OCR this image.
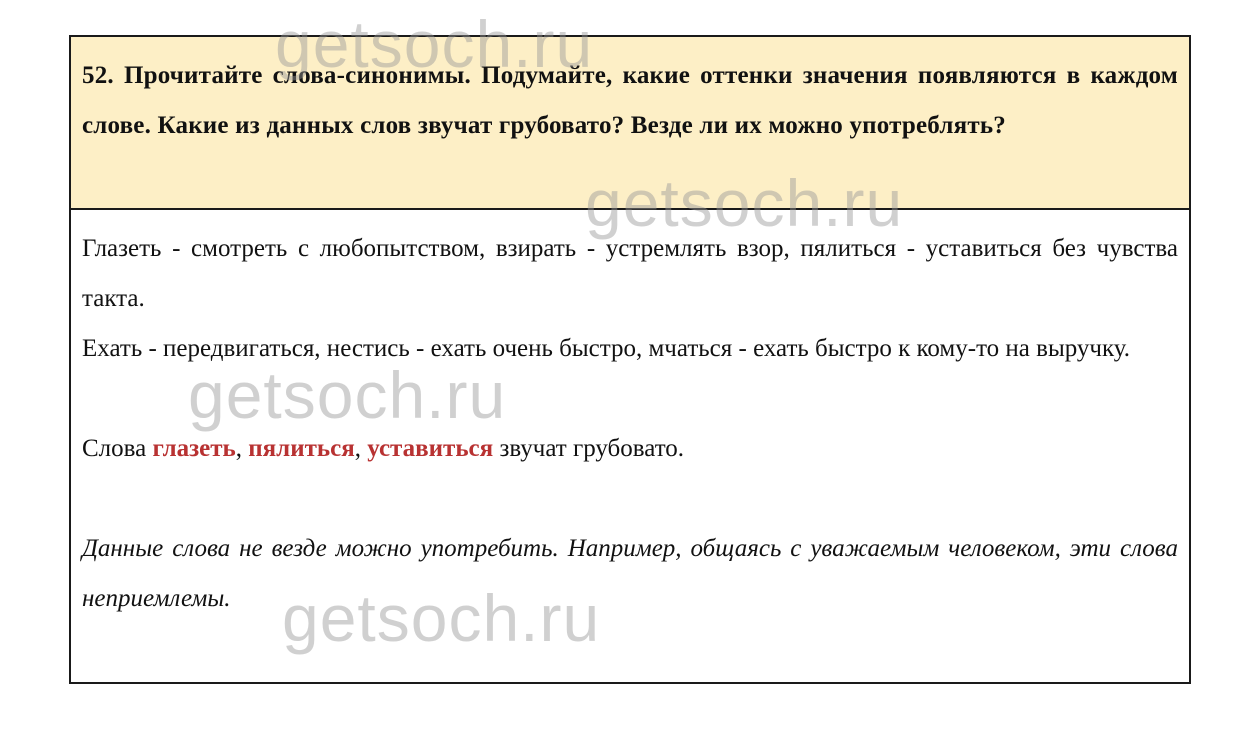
52. Прочитайте слова-синонимы. Подумайте, какие оттенки значения появляются в каждом слове. Какие из данных слов звучат грубовато? Везде ли их можно употреблять?

Глазеть - смотреть с любопытством, взирать - устремлять взор, пялиться - уставиться без чувства такта.

Ехать - передвигаться, нестись - ехать очень быстро, мчаться - ехать быстро к кому-то на выручку.

Слова глазеть, пялиться, уставиться звучат грубовато.

Данные слова не везде можно употребить. Например, общаясь с уважаемым человеком, эти слова неприемлемы.

getsoch.ru
getsoch.ru
getsoch.ru
getsoch.ru
